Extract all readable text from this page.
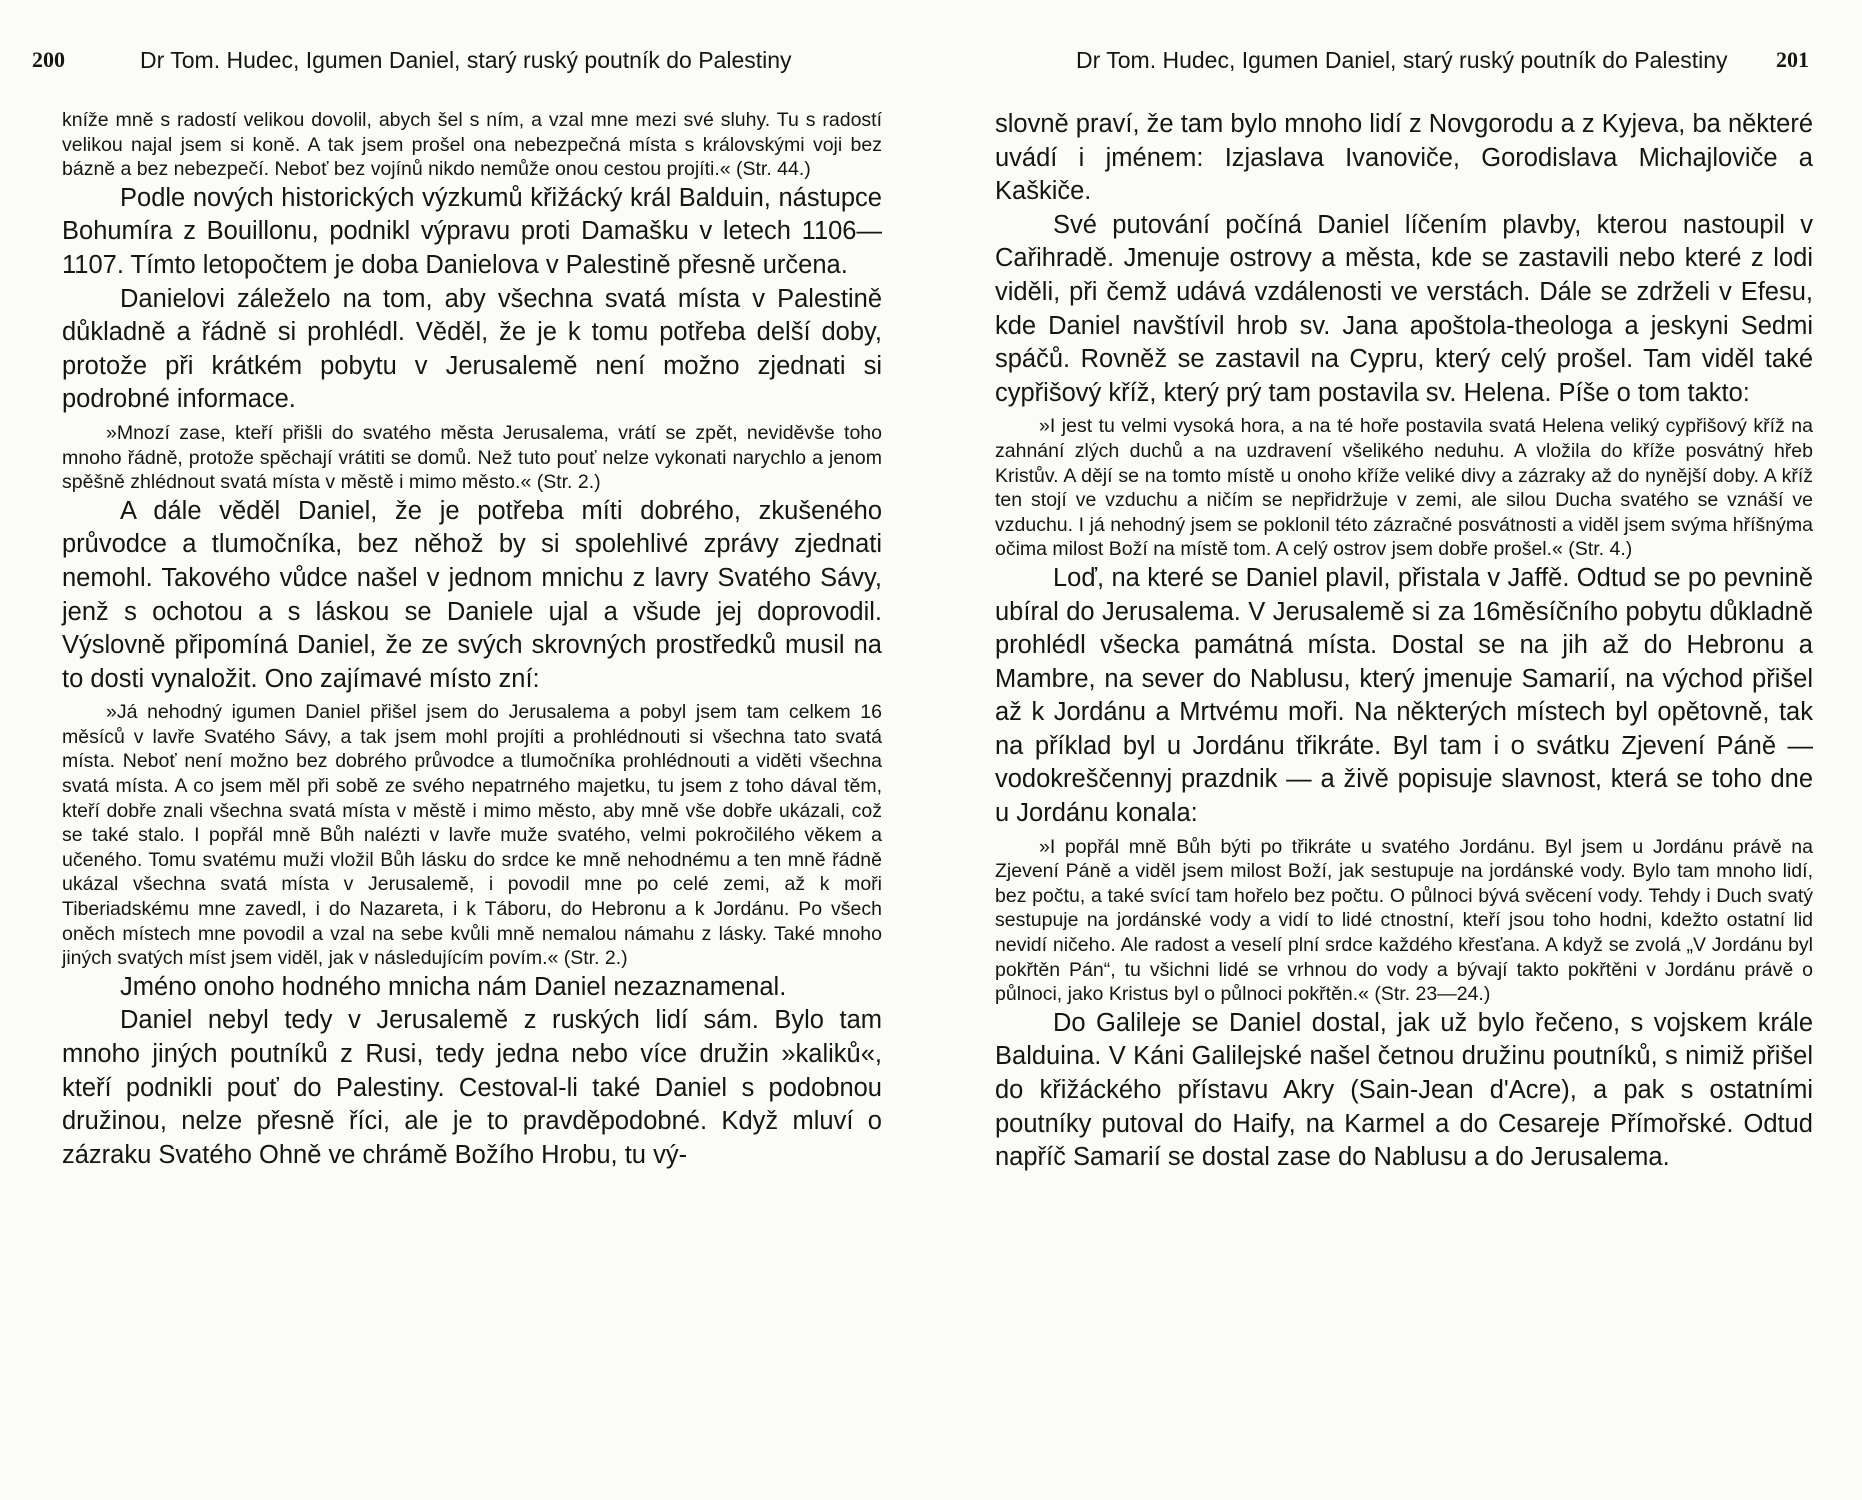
200	Dr Tom. Hudec, Igumen Daniel, starý ruský poutník do Palestiny

kníže mně s radostí velikou dovolil, abych šel s ním, a vzal mne mezi své sluhy. Tu s radostí velikou najal jsem si koně. A tak jsem prošel ona nebezpečná místa s královskými voji bez bázně a bez nebezpečí. Neboť bez vojínů nikdo nemůže onou cestou projíti.« (Str. 44.)

Podle nových historických výzkumů křižácký král Balduin, nástupce Bohumíra z Bouillonu, podnikl výpravu proti Damašku v letech 1106—1107. Tímto letopočtem je doba Danielova v Palestině přesně určena.

Danielovi záleželo na tom, aby všechna svatá místa v Palestině důkladně a řádně si prohlédl. Věděl, že je k tomu potřeba delší doby, protože při krátkém pobytu v Jerusalemě není možno zjednati si podrobné informace.

»Mnozí zase, kteří přišli do svatého města Jerusalema, vrátí se zpět, neviděvše toho mnoho řádně, protože spěchají vrátiti se domů. Než tuto pouť nelze vykonati narychlo a jenom spěšně zhlédnout svatá místa v městě i mimo město.« (Str. 2.)

A dále věděl Daniel, že je potřeba míti dobrého, zkušeného průvodce a tlumočníka, bez něhož by si spolehlivé zprávy zjednati nemohl. Takového vůdce našel v jednom mnichu z lavry Svatého Sávy, jenž s ochotou a s láskou se Daniele ujal a všude jej doprovodil. Výslovně připomíná Daniel, že ze svých skrovných prostředků musil na to dosti vynaložit. Ono zajímavé místo zní:

»Já nehodný igumen Daniel přišel jsem do Jerusalema a pobyl jsem tam celkem 16 měsíců v lavře Svatého Sávy, a tak jsem mohl projíti a prohlédnouti si všechna tato svatá místa. Neboť není možno bez dobrého průvodce a tlumočníka prohlédnouti a viděti všechna svatá místa. A co jsem měl při sobě ze svého nepatrného majetku, tu jsem z toho dával těm, kteří dobře znali všechna svatá místa v městě i mimo město, aby mně vše dobře ukázali, což se také stalo. I popřál mně Bůh nalézti v lavře muže svatého, velmi pokročilého věkem a učeného. Tomu svatému muži vložil Bůh lásku do srdce ke mně nehodnému a ten mně řádně ukázal všechna svatá místa v Jerusalemě, i povodil mne po celé zemi, až k moři Tiberiadskému mne zavedl, i do Nazareta, i k Táboru, do Hebronu a k Jordánu. Po všech oněch místech mne povodil a vzal na sebe kvůli mně nemalou námahu z lásky. Také mnoho jiných svatých míst jsem viděl, jak v následujícím povím.« (Str. 2.)

Jméno onoho hodného mnicha nám Daniel nezaznamenal.

Daniel nebyl tedy v Jerusalemě z ruských lidí sám. Bylo tam mnoho jiných poutníků z Rusi, tedy jedna nebo více družin »kaliků«, kteří podnikli pouť do Palestiny. Cestoval-li také Daniel s podobnou družinou, nelze přesně říci, ale je to pravděpodobné. Když mluví o zázraku Svatého Ohně ve chrámě Božího Hrobu, tu vý-

Dr Tom. Hudec, Igumen Daniel, starý ruský poutník do Palestiny 201

slovně praví, že tam bylo mnoho lidí z Novgorodu a z Kyjeva, ba některé uvádí i jménem: Izjaslava Ivanoviče, Gorodislava Michajloviče a Kaškiče.

Své putování počíná Daniel líčením plavby, kterou nastoupil v Cařihradě. Jmenuje ostrovy a města, kde se zastavili nebo které z lodi viděli, při čemž udává vzdálenosti ve verstách. Dále se zdrželi v Efesu, kde Daniel navštívil hrob sv. Jana apoštola-theologa a jeskyni Sedmi spáčů. Rovněž se zastavil na Cypru, který celý prošel. Tam viděl také cypřišový kříž, který prý tam postavila sv. Helena. Píše o tom takto:

»I jest tu velmi vysoká hora, a na té hoře postavila svatá Helena veliký cypřišový kříž na zahnání zlých duchů a na uzdravení všelikého neduhu. A vložila do kříže posvátný hřeb Kristův. A dějí se na tomto místě u onoho kříže veliké divy a zázraky až do nynější doby. A kříž ten stojí ve vzduchu a ničím se nepřidržuje v zemi, ale silou Ducha svatého se vznáší ve vzduchu. I já nehodný jsem se poklonil této zázračné posvátnosti a viděl jsem svýma hříšnýma očima milost Boží na místě tom. A celý ostrov jsem dobře prošel.« (Str. 4.)

Loď, na které se Daniel plavil, přistala v Jaffě. Odtud se po pevnině ubíral do Jerusalema. V Jerusalemě si za 16měsíčního pobytu důkladně prohlédl všecka památná místa. Dostal se na jih až do Hebronu a Mambre, na sever do Nablusu, který jmenuje Samarií, na východ přišel až k Jordánu a Mrtvému moři. Na některých místech byl opětovně, tak na příklad byl u Jordánu třikráte. Byl tam i o svátku Zjevení Páně — vodokreščennyj prazdnik — a živě popisuje slavnost, která se toho dne u Jordánu konala:

»I popřál mně Bůh býti po třikráte u svatého Jordánu. Byl jsem u Jordánu právě na Zjevení Páně a viděl jsem milost Boží, jak sestupuje na jordánské vody. Bylo tam mnoho lidí, bez počtu, a také svící tam hořelo bez počtu. O půlnoci bývá svěcení vody. Tehdy i Duch svatý sestupuje na jordánské vody a vidí to lidé ctnostní, kteří jsou toho hodni, kdežto ostatní lid nevidí ničeho. Ale radost a veselí plní srdce každého křesťana. A když se zvolá „V Jordánu byl pokřtěn Pán“, tu všichni lidé se vrhnou do vody a bývají takto pokřtěni v Jordánu právě o půlnoci, jako Kristus byl o půlnoci pokřtěn.« (Str. 23—24.)

Do Galileje se Daniel dostal, jak už bylo řečeno, s vojskem krále Balduina. V Káni Galilejské našel četnou družinu poutníků, s nimiž přišel do křižáckého přístavu Akry (Sain-Jean d'Acre), a pak s ostatními poutníky putoval do Haify, na Karmel a do Cesareje Přímořské. Odtud napříč Samarií se dostal zase do Nablusu a do Jerusalema.
